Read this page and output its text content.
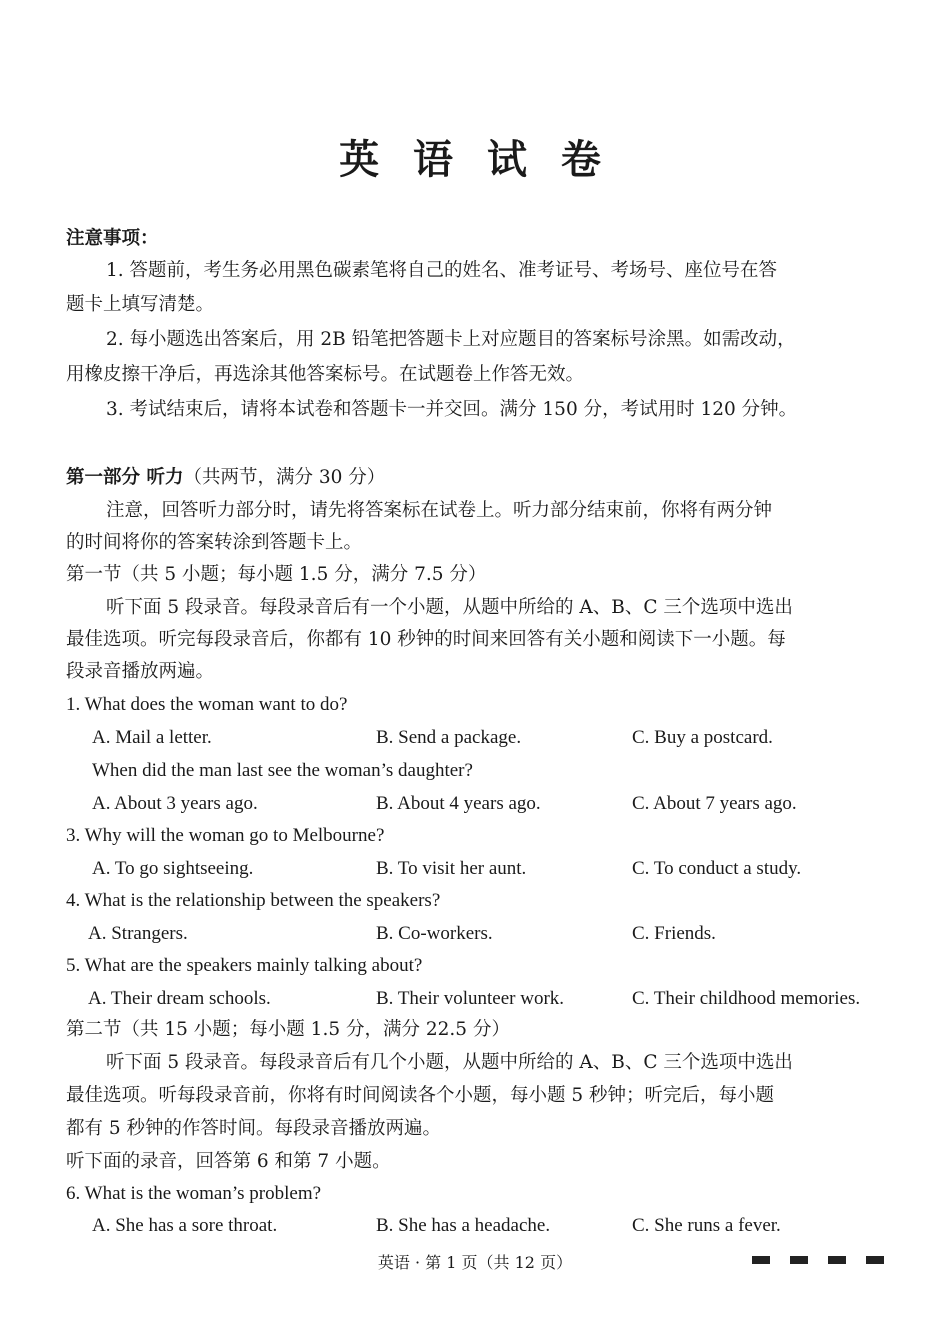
英 语 试 卷
注意事项：
1. 答题前，考生务必用黑色碳素笔将自己的姓名、准考证号、考场号、座位号在答
题卡上填写清楚。
2. 每小题选出答案后，用 2B 铅笔把答题卡上对应题目的答案标号涂黑。如需改动，
用橡皮擦干净后，再选涂其他答案标号。在试题卷上作答无效。
3. 考试结束后，请将本试卷和答题卡一并交回。满分 150 分，考试用时 120 分钟。
第一部分 听力（共两节，满分 30 分）
注意，回答听力部分时，请先将答案标在试卷上。听力部分结束前，你将有两分钟
的时间将你的答案转涂到答题卡上。
第一节（共 5 小题；每小题 1.5 分，满分 7.5 分）
听下面 5 段录音。每段录音后有一个小题，从题中所给的 A、B、C 三个选项中选出
最佳选项。听完每段录音后，你都有 10 秒钟的时间来回答有关小题和阅读下一小题。每
段录音播放两遍。
1. What does the woman want to do?
A. Mail a letter.	B. Send a package.	C. Buy a postcard.
When did the man last see the woman’s daughter?
A. About 3 years ago.	B. About 4 years ago.	C. About 7 years ago.
3. Why will the woman go to Melbourne?
A. To go sightseeing.	B. To visit her aunt.	C. To conduct a study.
4. What is the relationship between the speakers?
A. Strangers.	B. Co-workers.	C. Friends.
5. What are the speakers mainly talking about?
A. Their dream schools.	B. Their volunteer work.	C. Their childhood memories.
第二节（共 15 小题；每小题 1.5 分，满分 22.5 分）
听下面 5 段录音。每段录音后有几个小题，从题中所给的 A、B、C 三个选项中选出
最佳选项。听每段录音前，你将有时间阅读各个小题，每小题 5 秒钟；听完后，每小题
都有 5 秒钟的作答时间。每段录音播放两遍。
听下面的录音，回答第 6 和第 7 小题。
6. What is the woman’s problem?
A. She has a sore throat.	B. She has a headache.	C. She runs a fever.
英语 · 第 1 页（共 12 页）
